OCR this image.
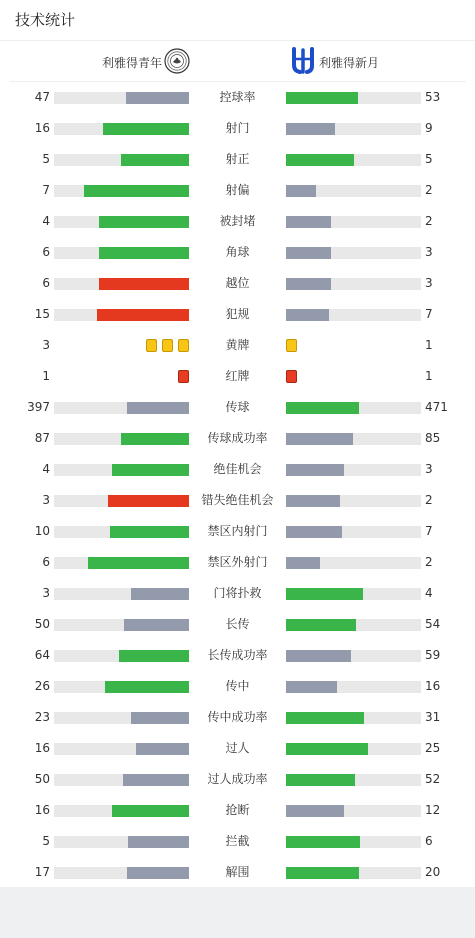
技术统计
利雅得青年	利雅得新月
47	控球率	53
16	射门	9
5	射正	5
7	射偏	2
4	被封堵	2
6	角球	3
6	越位	3
15	犯规	7
3	黄牌	1
1	红牌	1
397	传球	471
87	传球成功率	85
4	绝佳机会	3
3	错失绝佳机会	2
10	禁区内射门	7
6	禁区外射门	2
3	门将扑救	4
50	长传	54
64	长传成功率	59
26	传中	16
23	传中成功率	31
16	过人	25
50	过人成功率	52
16	抢断	12
5	拦截	6
17	解围	20
